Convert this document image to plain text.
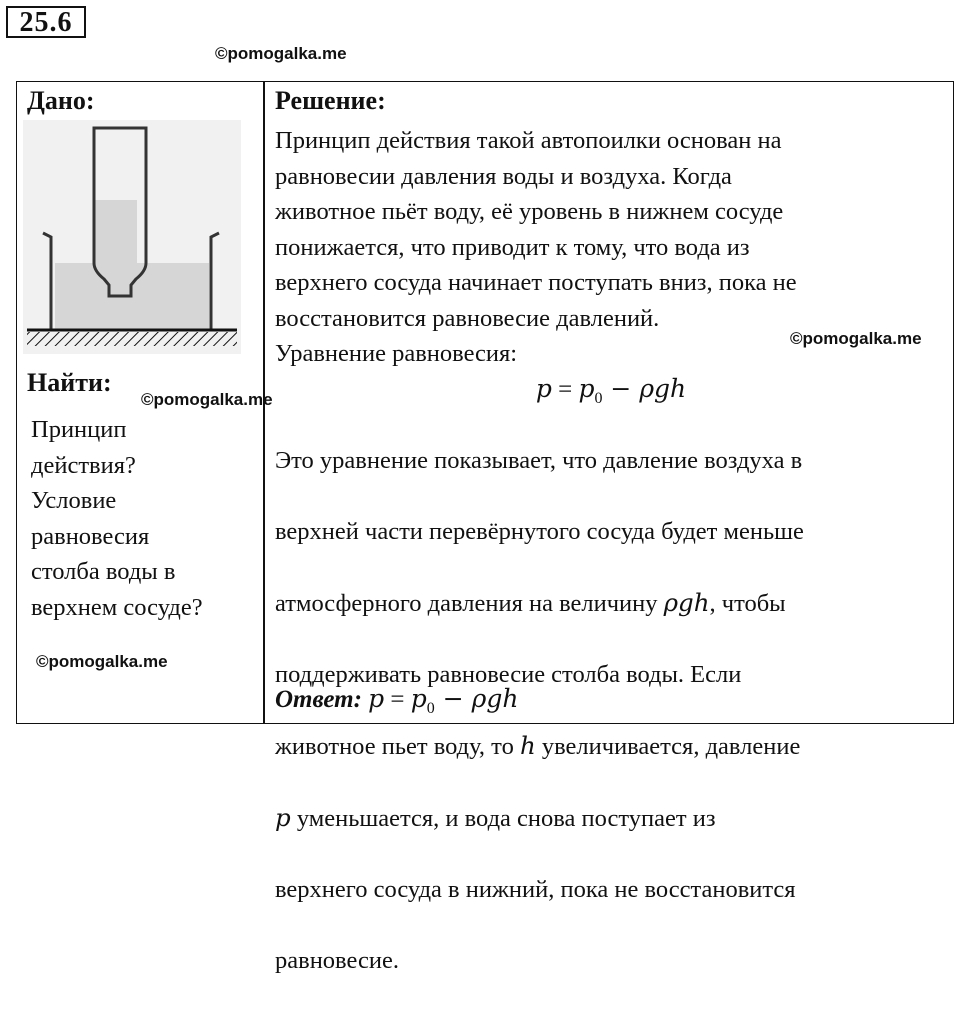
25.6
©pomogalka.me
Дано:
Найти:
Принцип
действия?
Условие
равновесия
столба воды в
верхнем сосуде?
Решение:
Принцип действия такой автопоилки основан на
равновесии давления воды и воздуха. Когда
животное пьёт воду, её уровень в нижнем сосуде
понижается, что приводит к тому, что вода из
верхнего сосуда начинает поступать вниз, пока не
восстановится равновесие давлений.
Уравнение равновесия:
$p = p_0 - \rho gh$

Это уравнение показывает, что давление воздуха в

верхней части перевёрнутого сосуда будет меньше

атмосферного давления на величину ρgh, чтобы

поддерживать равновесие столба воды. Если

животное пьет воду, то h увеличивается, давление

p уменьшается, и вода снова поступает из

верхнего сосуда в нижний, пока не восстановится

равновесие.

Ответ: $p = p_0 - \rho gh$
©pomogalka.me
©pomogalka.me
©pomogalka.me
